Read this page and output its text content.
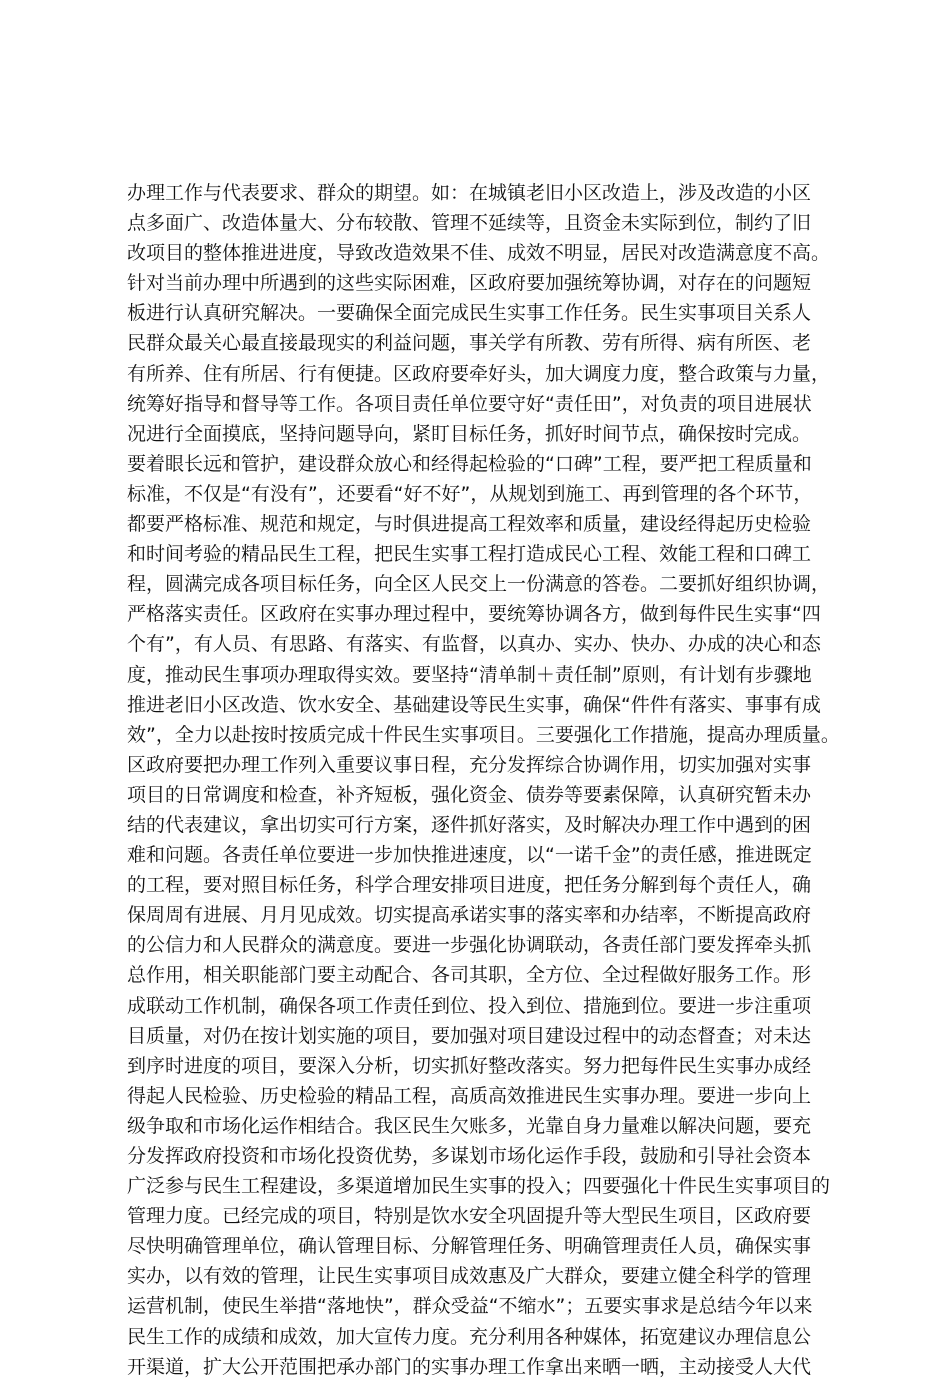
办理工作与代表要求、群众的期望。如：在城镇老旧小区改造上，涉及改造的小区
点多面广、改造体量大、分布较散、管理不延续等，且资金未实际到位，制约了旧
改项目的整体推进进度，导致改造效果不佳、成效不明显，居民对改造满意度不高。
针对当前办理中所遇到的这些实际困难，区政府要加强统筹协调，对存在的问题短
板进行认真研究解决。一要确保全面完成民生实事工作任务。民生实事项目关系人
民群众最关心最直接最现实的利益问题，事关学有所教、劳有所得、病有所医、老
有所养、住有所居、行有便捷。区政府要牵好头，加大调度力度，整合政策与力量，
统筹好指导和督导等工作。各项目责任单位要守好“责任田”，对负责的项目进展状
况进行全面摸底，坚持问题导向，紧盯目标任务，抓好时间节点，确保按时完成。
要着眼长远和管护，建设群众放心和经得起检验的“口碑”工程，要严把工程质量和
标准，不仅是“有没有”，还要看“好不好”，从规划到施工、再到管理的各个环节，
都要严格标准、规范和规定，与时俱进提高工程效率和质量，建设经得起历史检验
和时间考验的精品民生工程，把民生实事工程打造成民心工程、效能工程和口碑工
程，圆满完成各项目标任务，向全区人民交上一份满意的答卷。二要抓好组织协调，
严格落实责任。区政府在实事办理过程中，要统筹协调各方，做到每件民生实事“四
个有”，有人员、有思路、有落实、有监督，以真办、实办、快办、办成的决心和态
度，推动民生事项办理取得实效。要坚持“清单制＋责任制”原则，有计划有步骤地
推进老旧小区改造、饮水安全、基础建设等民生实事，确保“件件有落实、事事有成
效”，全力以赴按时按质完成十件民生实事项目。三要强化工作措施，提高办理质量。
区政府要把办理工作列入重要议事日程，充分发挥综合协调作用，切实加强对实事
项目的日常调度和检查，补齐短板，强化资金、债券等要素保障，认真研究暂未办
结的代表建议，拿出切实可行方案，逐件抓好落实，及时解决办理工作中遇到的困
难和问题。各责任单位要进一步加快推进速度，以“一诺千金”的责任感，推进既定
的工程，要对照目标任务，科学合理安排项目进度，把任务分解到每个责任人，确
保周周有进展、月月见成效。切实提高承诺实事的落实率和办结率，不断提高政府
的公信力和人民群众的满意度。要进一步强化协调联动，各责任部门要发挥牵头抓
总作用，相关职能部门要主动配合、各司其职，全方位、全过程做好服务工作。形
成联动工作机制，确保各项工作责任到位、投入到位、措施到位。要进一步注重项
目质量，对仍在按计划实施的项目，要加强对项目建设过程中的动态督查；对未达
到序时进度的项目，要深入分析，切实抓好整改落实。努力把每件民生实事办成经
得起人民检验、历史检验的精品工程，高质高效推进民生实事办理。要进一步向上
级争取和市场化运作相结合。我区民生欠账多，光靠自身力量难以解决问题，要充
分发挥政府投资和市场化投资优势，多谋划市场化运作手段，鼓励和引导社会资本
广泛参与民生工程建设，多渠道增加民生实事的投入；四要强化十件民生实事项目的
管理力度。已经完成的项目，特别是饮水安全巩固提升等大型民生项目，区政府要
尽快明确管理单位，确认管理目标、分解管理任务、明确管理责任人员，确保实事
实办，以有效的管理，让民生实事项目成效惠及广大群众，要建立健全科学的管理
运营机制，使民生举措“落地快”，群众受益“不缩水”；五要实事求是总结今年以来
民生工作的成绩和成效，加大宣传力度。充分利用各种媒体，拓宽建议办理信息公
开渠道，扩大公开范围把承办部门的实事办理工作拿出来晒一晒，主动接受人大代
